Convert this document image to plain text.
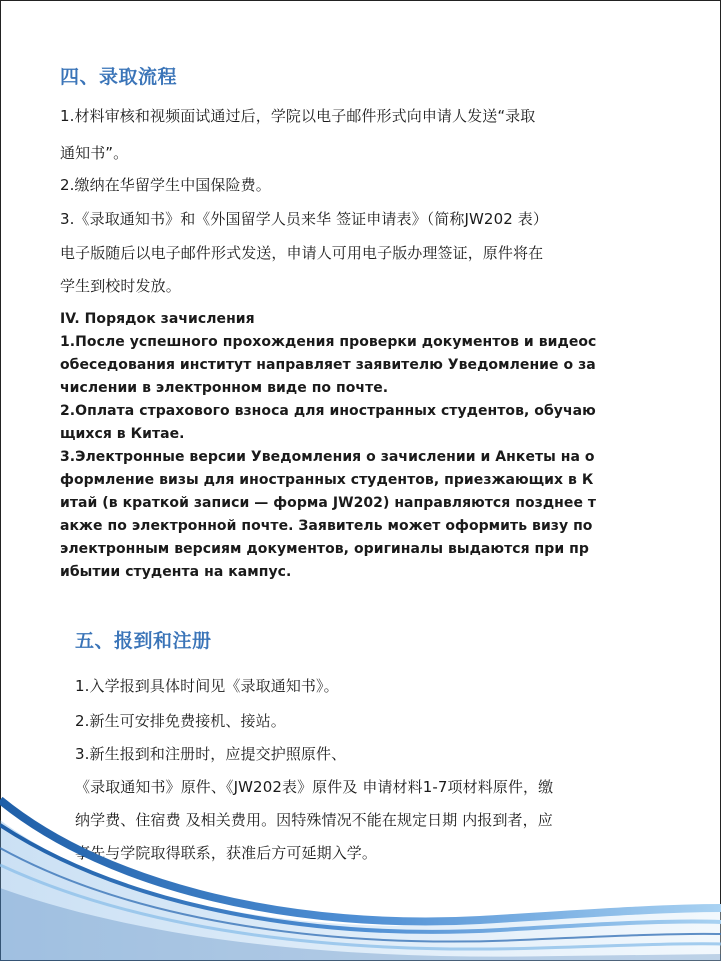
四、录取流程
1.材料审核和视频面试通过后，学院以电子邮件形式向申请人发送“录取
通知书”。
2.缴纳在华留学生中国保险费。
3.《录取通知书》和《外国留学人员来华 签证申请表》（简称JW202 表）
电子版随后以电子邮件形式发送，申请人可用电子版办理签证，原件将在
学生到校时发放。
IV. Порядок зачисления
1.После успешного прохождения проверки документов и видеос
обеседования институт направляет заявителю Уведомление о за
числении в электронном виде по почте.
2.Оплата страхового взноса для иностранных студентов, обучаю
щихся в Китае.
3.Электронные версии Уведомления о зачислении и Анкеты на о
формление визы для иностранных студентов, приезжающих в К
итай (в краткой записи — форма JW202) направляются позднее т
акже по электронной почте. Заявитель может оформить визу по
электронным версиям документов, оригиналы выдаются при пр
ибытии студента на кампус.
五、报到和注册
1.入学报到具体时间见《录取通知书》。
2.新生可安排免费接机、接站。
3.新生报到和注册时，应提交护照原件、
《录取通知书》原件、《JW202表》原件及 申请材料1-7项材料原件，缴
纳学费、住宿费 及相关费用。因特殊情况不能在规定日期 内报到者，应
事先与学院取得联系，获准后方可延期入学。
